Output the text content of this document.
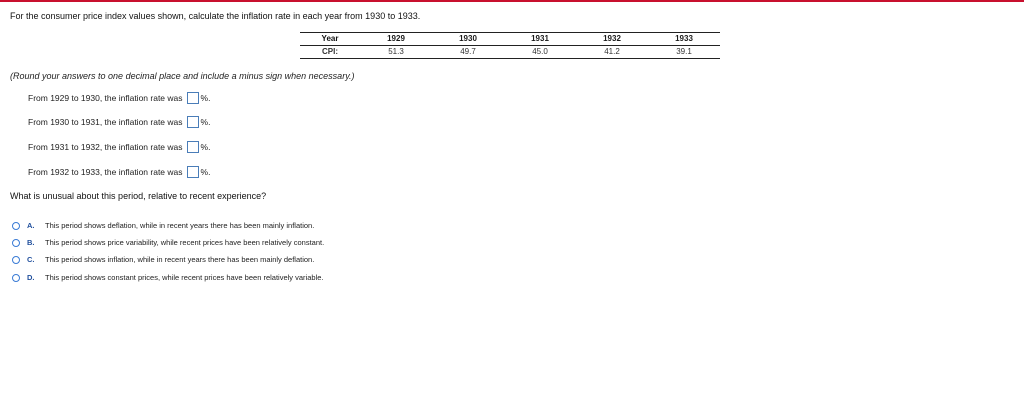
For the consumer price index values shown, calculate the inflation rate in each year from 1930 to 1933.
Year	1929	1930	1931	1932	1933
CPI:	51.3	49.7	45.0	41.2	39.1
(Round your answers to one decimal place and include a minus sign when necessary.)
From 1929 to 1930, the inflation rate was %.
From 1930 to 1931, the inflation rate was %.
From 1931 to 1932, the inflation rate was %.
From 1932 to 1933, the inflation rate was %.
What is unusual about this period, relative to recent experience?
A.	This period shows deflation, while in recent years there has been mainly inflation.
B.	This period shows price variability, while recent prices have been relatively constant.
C.	This period shows inflation, while in recent years there has been mainly deflation.
D.	This period shows constant prices, while recent prices have been relatively variable.
